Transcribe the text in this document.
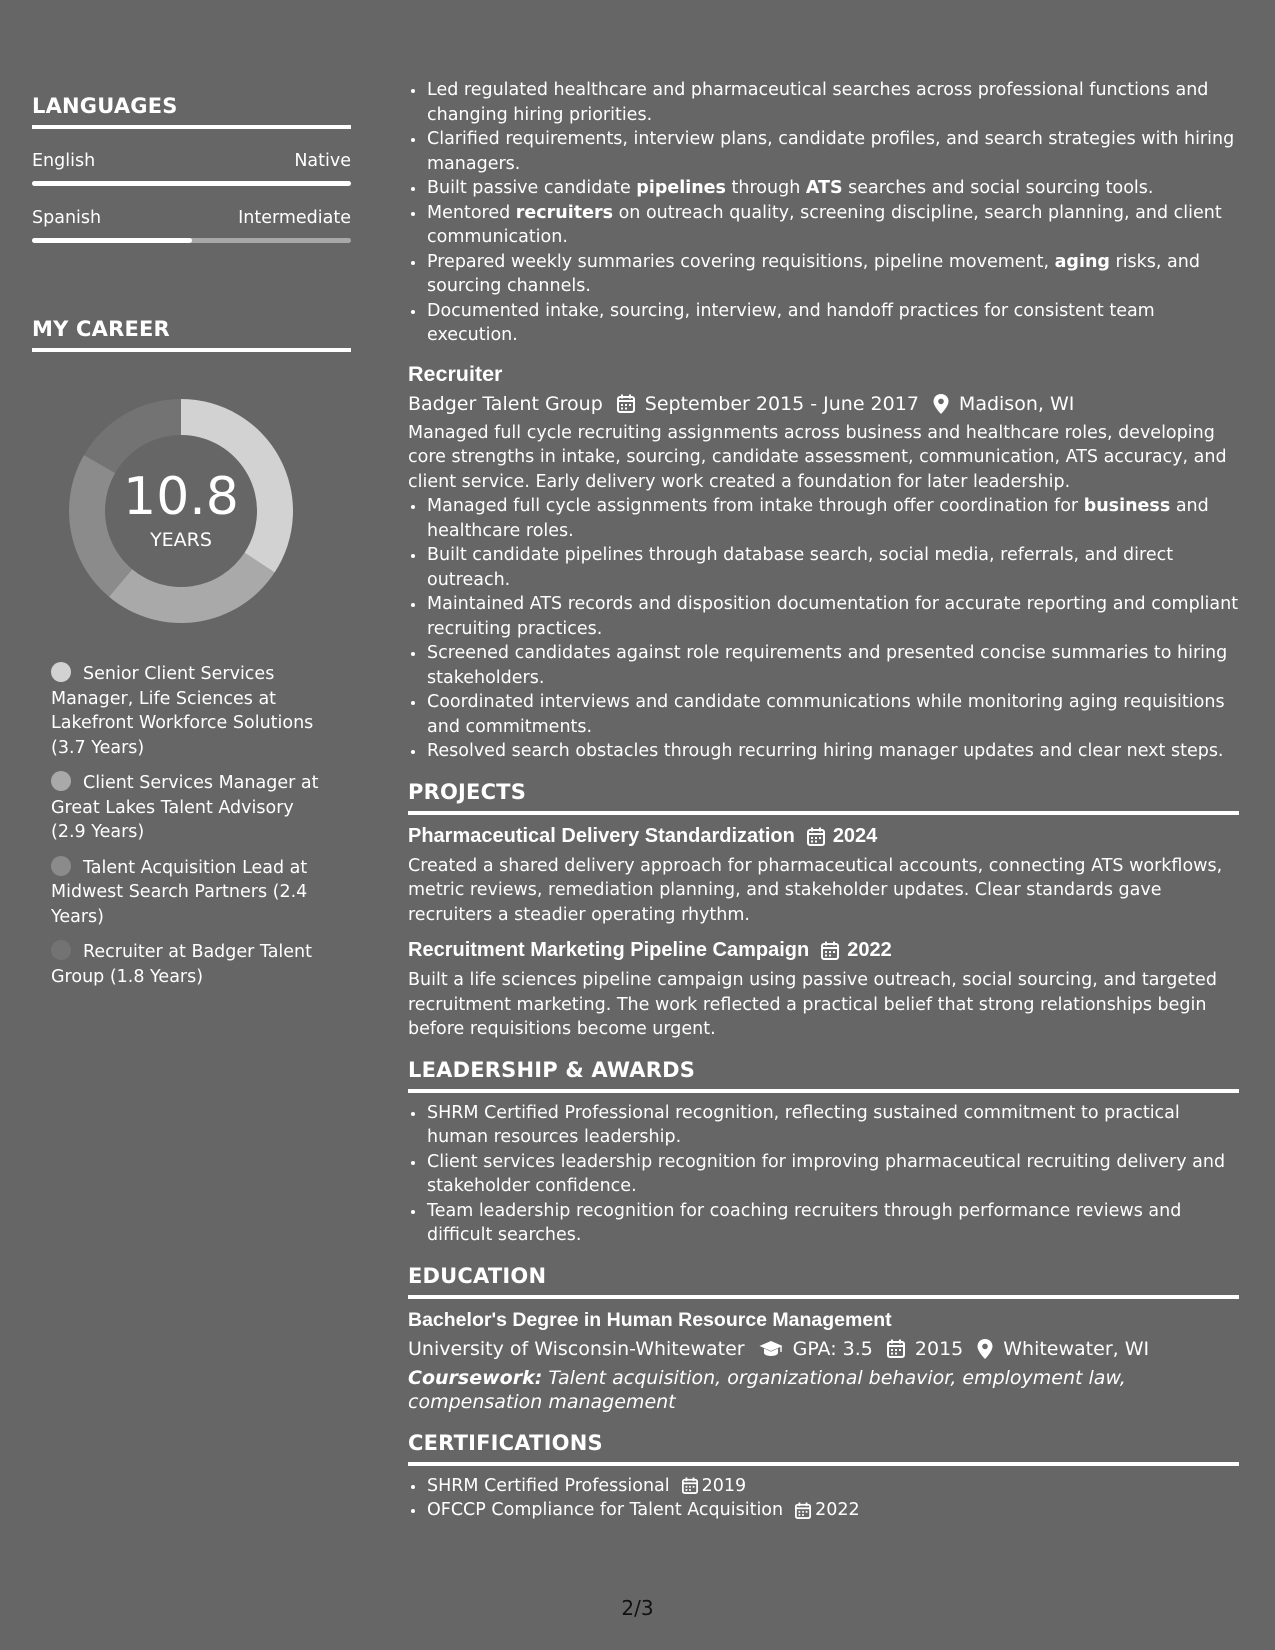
LANGUAGES
English	Native
Spanish	Intermediate
MY CAREER
10.8
YEARS
Senior Client Services Manager, Life Sciences at Lakefront Workforce Solutions (3.7 Years)
Client Services Manager at Great Lakes Talent Advisory (2.9 Years)
Talent Acquisition Lead at Midwest Search Partners (2.4 Years)
Recruiter at Badger Talent Group (1.8 Years)
• Led regulated healthcare and pharmaceutical searches across professional functions and changing hiring priorities.
• Clarified requirements, interview plans, candidate profiles, and search strategies with hiring managers.
• Built passive candidate pipelines through ATS searches and social sourcing tools.
• Mentored recruiters on outreach quality, screening discipline, search planning, and client communication.
• Prepared weekly summaries covering requisitions, pipeline movement, aging risks, and sourcing channels.
• Documented intake, sourcing, interview, and handoff practices for consistent team execution.
Recruiter
Badger Talent Group September 2015 - June 2017 Madison, WI
Managed full cycle recruiting assignments across business and healthcare roles, developing core strengths in intake, sourcing, candidate assessment, communication, ATS accuracy, and client service. Early delivery work created a foundation for later leadership.
• Managed full cycle assignments from intake through offer coordination for business and healthcare roles.
• Built candidate pipelines through database search, social media, referrals, and direct outreach.
• Maintained ATS records and disposition documentation for accurate reporting and compliant recruiting practices.
• Screened candidates against role requirements and presented concise summaries to hiring stakeholders.
• Coordinated interviews and candidate communications while monitoring aging requisitions and commitments.
• Resolved search obstacles through recurring hiring manager updates and clear next steps.
PROJECTS
Pharmaceutical Delivery Standardization 2024
Created a shared delivery approach for pharmaceutical accounts, connecting ATS workflows, metric reviews, remediation planning, and stakeholder updates. Clear standards gave recruiters a steadier operating rhythm.
Recruitment Marketing Pipeline Campaign 2022
Built a life sciences pipeline campaign using passive outreach, social sourcing, and targeted recruitment marketing. The work reflected a practical belief that strong relationships begin before requisitions become urgent.
LEADERSHIP & AWARDS
• SHRM Certified Professional recognition, reflecting sustained commitment to practical human resources leadership.
• Client services leadership recognition for improving pharmaceutical recruiting delivery and stakeholder confidence.
• Team leadership recognition for coaching recruiters through performance reviews and difficult searches.
EDUCATION
Bachelor's Degree in Human Resource Management
University of Wisconsin-Whitewater	GPA: 3.5 2015 Whitewater, WI
Coursework: Talent acquisition, organizational behavior, employment law, compensation management
CERTIFICATIONS
• SHRM Certified Professional 2019
• OFCCP Compliance for Talent Acquisition 2022
2/3
